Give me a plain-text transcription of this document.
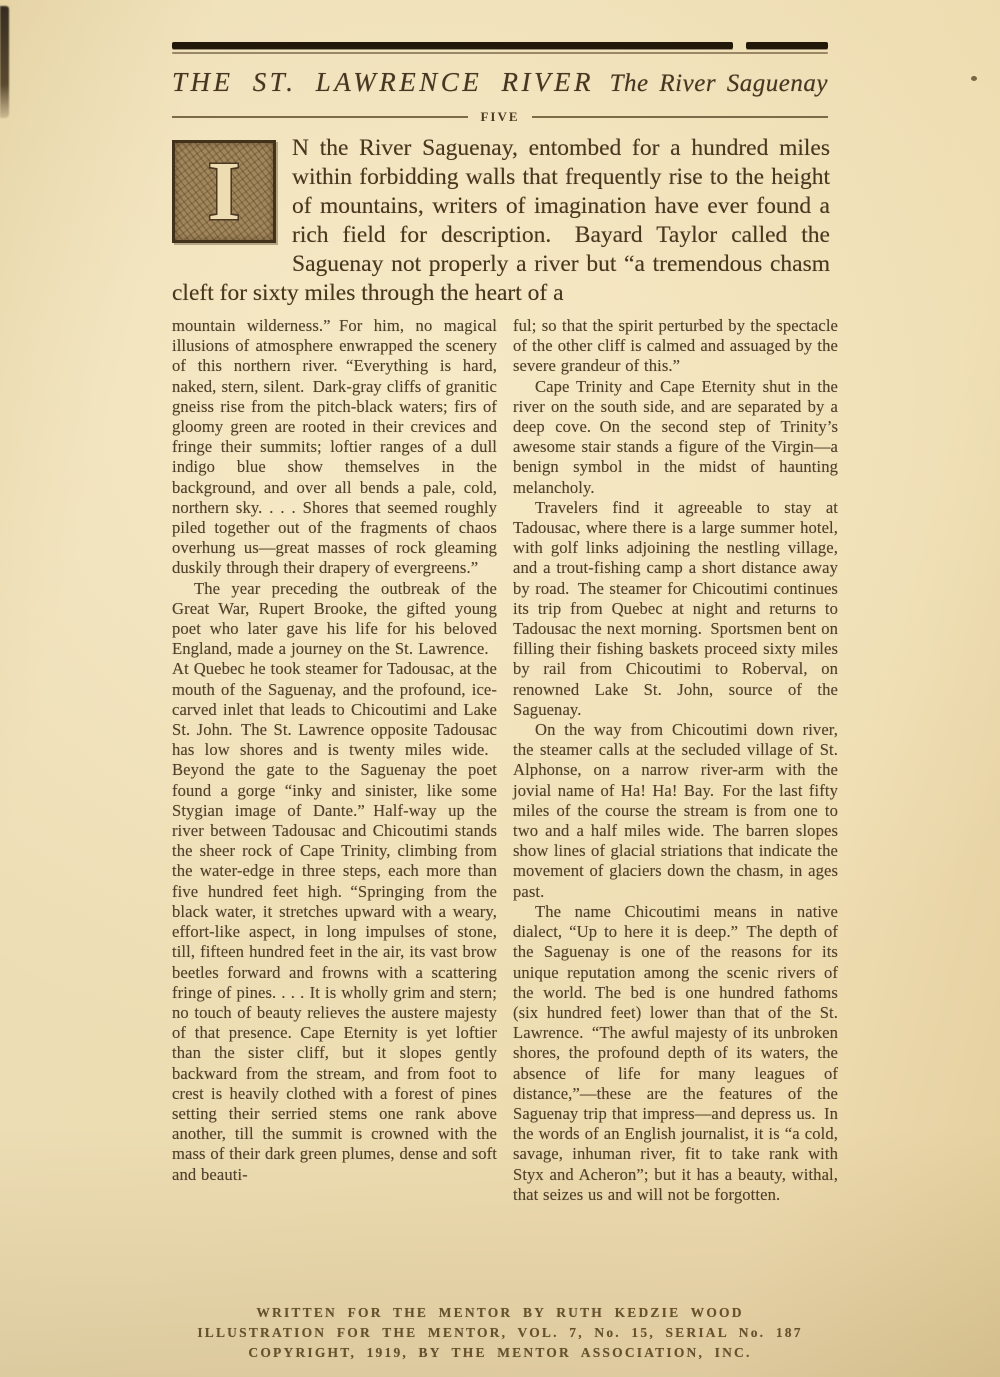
THE ST. LAWRENCE RIVER The River Saguenay
FIVE
I	N the River Saguenay, entombed for a hundred miles within forbidding walls that frequently rise to the height of mountains, writers of imagination have ever found a rich field for description. Bayard Taylor called the Saguenay not properly a river but “a tremendous chasm cleft for sixty miles through the heart of a

mountain wilderness.” For him, no magical illusions of atmosphere enwrapped the scenery of this northern river. “Everything is hard, naked, stern, silent. Dark-gray cliffs of granitic gneiss rise from the pitch-black waters; firs of gloomy green are rooted in their crevices and fringe their summits; loftier ranges of a dull indigo blue show themselves in the background, and over all bends a pale, cold, northern sky. . . . Shores that seemed roughly piled together out of the fragments of chaos overhung us—great masses of rock gleaming duskily through their drapery of evergreens.”

The year preceding the outbreak of the Great War, Rupert Brooke, the gifted young poet who later gave his life for his beloved England, made a journey on the St. Lawrence. At Quebec he took steamer for Tadousac, at the mouth of the Saguenay, and the profound, ice-carved inlet that leads to Chicoutimi and Lake St. John. The St. Lawrence opposite Tadousac has low shores and is twenty miles wide. Beyond the gate to the Saguenay the poet found a gorge “inky and sinister, like some Stygian image of Dante.” Half-way up the river between Tadousac and Chicoutimi stands the sheer rock of Cape Trinity, climbing from the water-edge in three steps, each more than five hundred feet high. “Springing from the black water, it stretches upward with a weary, effort-like aspect, in long impulses of stone, till, fifteen hundred feet in the air, its vast brow beetles forward and frowns with a scattering fringe of pines. . . . It is wholly grim and stern; no touch of beauty relieves the austere majesty of that presence. Cape Eternity is yet loftier than the sister cliff, but it slopes gently backward from the stream, and from foot to crest is heavily clothed with a forest of pines setting their serried stems one rank above another, till the summit is crowned with the mass of their dark green plumes, dense and soft and beauti-

ful; so that the spirit perturbed by the spectacle of the other cliff is calmed and assuaged by the severe grandeur of this.”

Cape Trinity and Cape Eternity shut in the river on the south side, and are separated by a deep cove. On the second step of Trinity’s awesome stair stands a figure of the Virgin—a benign symbol in the midst of haunting melancholy.

Travelers find it agreeable to stay at Tadousac, where there is a large summer hotel, with golf links adjoining the nestling village, and a trout-fishing camp a short distance away by road. The steamer for Chicoutimi continues its trip from Quebec at night and returns to Tadousac the next morning. Sportsmen bent on filling their fishing baskets proceed sixty miles by rail from Chicoutimi to Roberval, on renowned Lake St. John, source of the Saguenay.

On the way from Chicoutimi down river, the steamer calls at the secluded village of St. Alphonse, on a narrow river-arm with the jovial name of Ha! Ha! Bay. For the last fifty miles of the course the stream is from one to two and a half miles wide. The barren slopes show lines of glacial striations that indicate the movement of glaciers down the chasm, in ages past.

The name Chicoutimi means in native dialect, “Up to here it is deep.” The depth of the Saguenay is one of the reasons for its unique reputation among the scenic rivers of the world. The bed is one hundred fathoms (six hundred feet) lower than that of the St. Lawrence. “The awful majesty of its unbroken shores, the profound depth of its waters, the absence of life for many leagues of distance,”—these are the features of the Saguenay trip that impress—and depress us. In the words of an English journalist, it is “a cold, savage, inhuman river, fit to take rank with Styx and Acheron”; but it has a beauty, withal, that seizes us and will not be forgotten.

WRITTEN FOR THE MENTOR BY RUTH KEDZIE WOOD
ILLUSTRATION FOR THE MENTOR, VOL. 7, No. 15, SERIAL No. 187
COPYRIGHT, 1919, BY THE MENTOR ASSOCIATION, INC.
